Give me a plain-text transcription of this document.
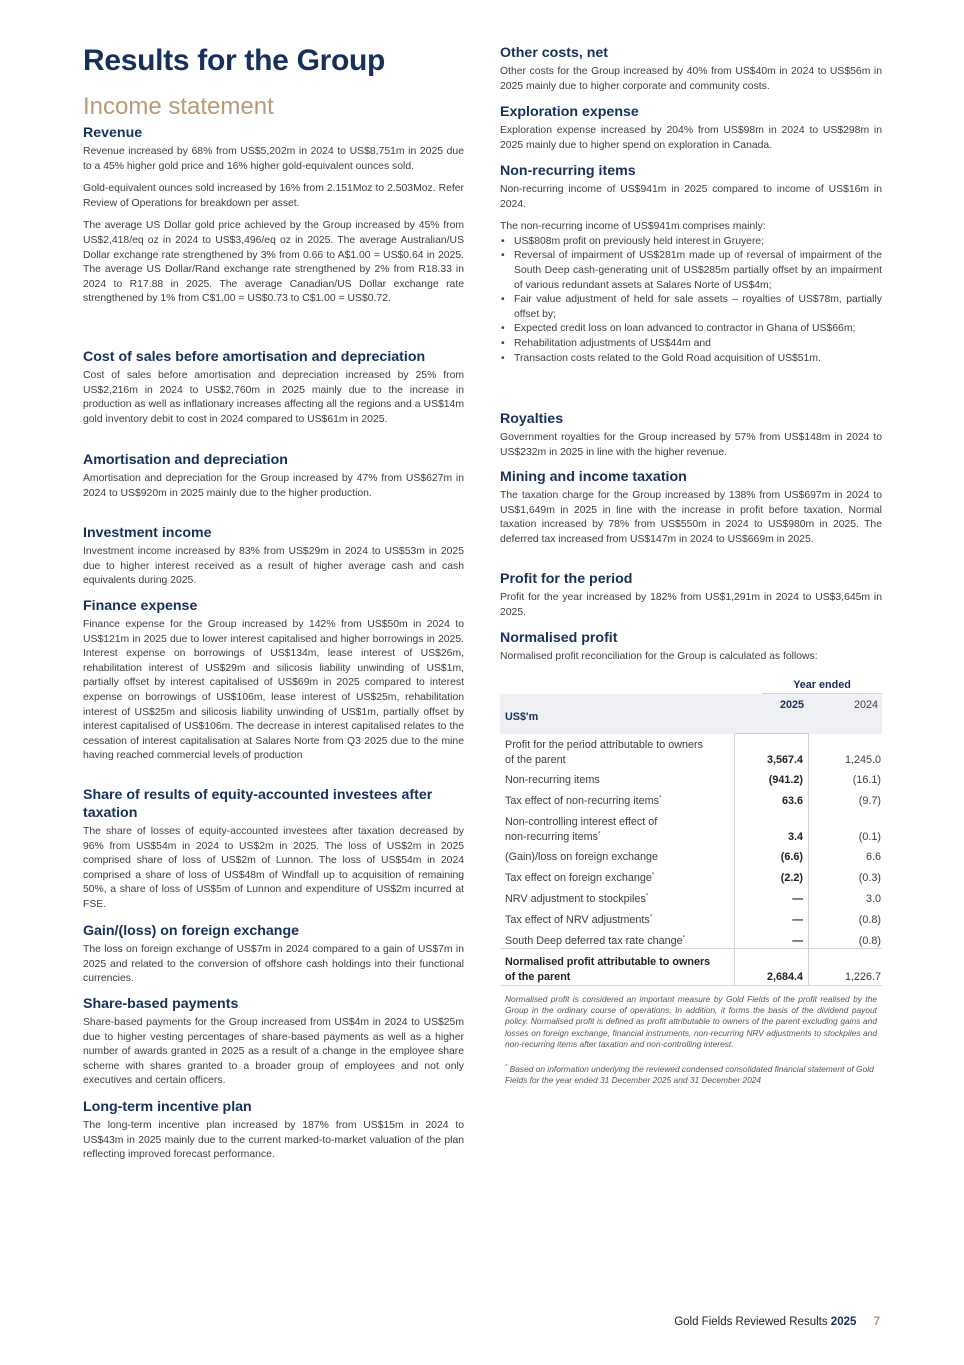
Results for the Group
Income statement
Revenue

Revenue increased by 68% from US$5,202m in 2024 to US$8,751m in 2025 due to a 45% higher gold price and 16% higher gold-equivalent ounces sold.

Gold-equivalent ounces sold increased by 16% from 2.151Moz to 2.503Moz. Refer Review of Operations for breakdown per asset.

The average US Dollar gold price achieved by the Group increased by 45% from US$2,418/eq oz in 2024 to US$3,496/eq oz in 2025. The average Australian/US Dollar exchange rate strengthened by 3% from 0.66 to A$1.00 = US$0.64 in 2025. The average US Dollar/Rand exchange rate strengthened by 2% from R18.33 in 2024 to R17.88 in 2025. The average Canadian/US Dollar exchange rate strengthened by 1% from C$1.00 = US$0.73 to C$1.00 = US$0.72.

Cost of sales before amortisation and depreciation

Cost of sales before amortisation and depreciation increased by 25% from US$2,216m in 2024 to US$2,760m in 2025 mainly due to the increase in production as well as inflationary increases affecting all the regions and a US$14m gold inventory debit to cost in 2024 compared to US$61m in 2025.

Amortisation and depreciation

Amortisation and depreciation for the Group increased by 47% from US$627m in 2024 to US$920m in 2025 mainly due to the higher production.

Investment income

Investment income increased by 83% from US$29m in 2024 to US$53m in 2025 due to higher interest received as a result of higher average cash and cash equivalents during 2025.

Finance expense

Finance expense for the Group increased by 142% from US$50m in 2024 to US$121m in 2025 due to lower interest capitalised and higher borrowings in 2025. Interest expense on borrowings of US$134m, lease interest of US$26m, rehabilitation interest of US$29m and silicosis liability unwinding of US$1m, partially offset by interest capitalised of US$69m in 2025 compared to interest expense on borrowings of US$106m, lease interest of US$25m, rehabilitation interest of US$25m and silicosis liability unwinding of US$1m, partially offset by interest capitalised of US$106m. The decrease in interest capitalised relates to the cessation of interest capitalisation at Salares Norte from Q3 2025 due to the mine having reached commercial levels of production

Share of results of equity-accounted investees after taxation

The share of losses of equity-accounted investees after taxation decreased by 96% from US$54m in 2024 to US$2m in 2025. The loss of US$2m in 2025 comprised share of loss of US$2m of Lunnon. The loss of US$54m in 2024 comprised a share of loss of US$48m of Windfall up to acquisition of remaining 50%, a share of loss of US$5m of Lunnon and expenditure of US$2m incurred at FSE.

Gain/(loss) on foreign exchange

The loss on foreign exchange of US$7m in 2024 compared to a gain of US$7m in 2025 and related to the conversion of offshore cash holdings into their functional currencies.

Share-based payments

Share-based payments for the Group increased from US$4m in 2024 to US$25m due to higher vesting percentages of share-based payments as well as a higher number of awards granted in 2025 as a result of a change in the employee share scheme with shares granted to a broader group of employees and not only executives and certain officers.

Long-term incentive plan

The long-term incentive plan increased by 187% from US$15m in 2024 to US$43m in 2025 mainly due to the current marked-to-market valuation of the plan reflecting improved forecast performance.

Other costs, net

Other costs for the Group increased by 40% from US$40m in 2024 to US$56m in 2025 mainly due to higher corporate and community costs.

Exploration expense

Exploration expense increased by 204% from US$98m in 2024 to US$298m in 2025 mainly due to higher spend on exploration in Canada.

Non-recurring items

Non-recurring income of US$941m in 2025 compared to income of US$16m in 2024.

The non-recurring income of US$941m comprises mainly:

• US$808m profit on previously held interest in Gruyere;
• Reversal of impairment of US$281m made up of reversal of impairment of the South Deep cash-generating unit of US$285m partially offset by an impairment of various redundant assets at Salares Norte of US$4m;
• Fair value adjustment of held for sale assets – royalties of US$78m, partially offset by;
• Expected credit loss on loan advanced to contractor in Ghana of US$66m;
• Rehabilitation adjustments of US$44m and
• Transaction costs related to the Gold Road acquisition of US$51m.
Royalties

Government royalties for the Group increased by 57% from US$148m in 2024 to US$232m in 2025 in line with the higher revenue.

Mining and income taxation

The taxation charge for the Group increased by 138% from US$697m in 2024 to US$1,649m in 2025 in line with the increase in profit before taxation. Normal taxation increased by 78% from US$550m in 2024 to US$980m in 2025. The deferred tax increased from US$147m in 2024 to US$669m in 2025.

Profit for the period

Profit for the year increased by 182% from US$1,291m in 2024 to US$3,645m in 2025.

Normalised profit

Normalised profit reconciliation for the Group is calculated as follows:

Year ended
US$'m
2025	2024
Profit for the period attributable to owners
of the parent	3,567.4	1,245.0
Non-recurring items	(941.2)	(16.1)
Tax effect of non-recurring items*	63.6	(9.7)
Non-controlling interest effect of
non-recurring items*	3.4	(0.1)
(Gain)/loss on foreign exchange	(6.6)	6.6
Tax effect on foreign exchange*	(2.2)	(0.3)
NRV adjustment to stockpiles*	—	3.0
Tax effect of NRV adjustments*	—	(0.8)
South Deep deferred tax rate change*	—	(0.8)
Normalised profit attributable to owners
of the parent	2,684.4	1,226.7
Normalised profit is considered an important measure by Gold Fields of the profit realised by the Group in the ordinary course of operations. In addition, it forms the basis of the dividend payout policy. Normalised profit is defined as profit attributable to owners of the parent excluding gains and losses on foreign exchange, financial instruments, non-recurring NRV adjustments to stockpiles and non-recurring items after taxation and non-controlling interest.
* Based on information underlying the reviewed condensed consolidated financial statement of Gold Fields for the year ended 31 December 2025 and 31 December 2024
Gold Fields Reviewed Results 2025 7
